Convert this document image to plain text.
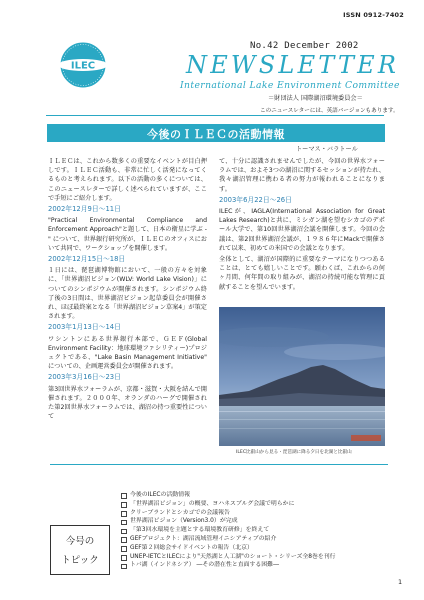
ISSN 0912-7402
ILEC
No.42 December 2002
NEWSLETTER
International Lake Environment Committee
＝財団法人 国際湖沼環境委員会＝
このニュースレターには、英語バージョンもあります。
今後のＩＬＥＣの活動情報
トーマス・バラトール

ＩＬＥＣは、これから数多くの重要なイベントが目白押しです。ＩＬＥＣ活動も、非常に忙しく活発になってくるものと考えられます。以下の活動の多くについては、このニュースレターで詳しく述べられていますが、ここで手短にご紹介します。

2002年12月9日～11日

"Practical Environmental Compliance and Enforcement Approach"と題して、日本の衛星に学ぶ -" について、世界銀行研究所が、ＩＬＥＣのオフィスにおいて共同で、ワークショップを開催します。

2002年12月15日～18日

１日には、琵琶湖博物館において、一般の方々を対象に、「世界湖沼ビジョン(WLV: World Lake Vision)」についてのシンポジウムが開催されます。シンポジウム終了後の3日間は、世界湖沼ビジョン起草委員会が開催され、ほぼ最終案となる「世界湖沼ビジョン草案4」が策定されます。

2003年1月13日～14日

ワシントンにある世界銀行本部で、ＧＥＦ(Global Environment Facility：地球環境ファシリティー)プロジェクトである、"Lake Basin Management Initiative" についての、企画運営委員会が開催されます。

2003年3月16日～23日

第3回世界水フォーラムが、京都・滋賀・大阪を結んで開催されます。２０００年、オランダのハーグで開催された第2回世界水フォーラムでは、湖沼の持つ重要性について

て、十分に認識されませんでしたが、今回の世界水フォーラムでは、およそ3つの湖沼に関するセッションが持たれ、我々湖沼管理に携わる者の努力が報われることになります。

2003年6月22日～26日

ILECが、IAGLA(International Association for Great Lakes Research)と共に、ミシガン湖を望むシカゴのデポール大学で、第10回世界湖沼会議を開催します。今回の会議は、第2回世界湖沼会議が、１９８６年にMackで開催されて以来、初めての米国での会議となります。

全体として、湖沼が国際的に重要なテーマになりつつあることは、とても嬉しいことです。願わくば、これからの何ヶ月間、何年間の取り組みが、湖沼の持続可能な管理に貢献することを望んでいます。

ILEC比叡山から見る・琵琶湖に降る夕日を北湖と比叡山
今号の
トピック
今後のILECの活動情報
「世界湖沼ビジョン」の概要、ヨハネスブルグ会議で明らかに
クリーブランドとシカゴでの会議報告
世界湖沼ビジョン（Version3.0）が完成
「第3回水環境を主題とする環境教育研修」を終えて
GEFプロジェクト：湖沼流域管理イニシアティブの紹介
GEF第２回総会サイドイベントの報告（北京）
UNEP-IETCとILECにより"天然湖と人工湖"のショート・シリーズ全8巻を刊行
トバ湖（インドネシア） ―その潜在性と直面する困難―
1
